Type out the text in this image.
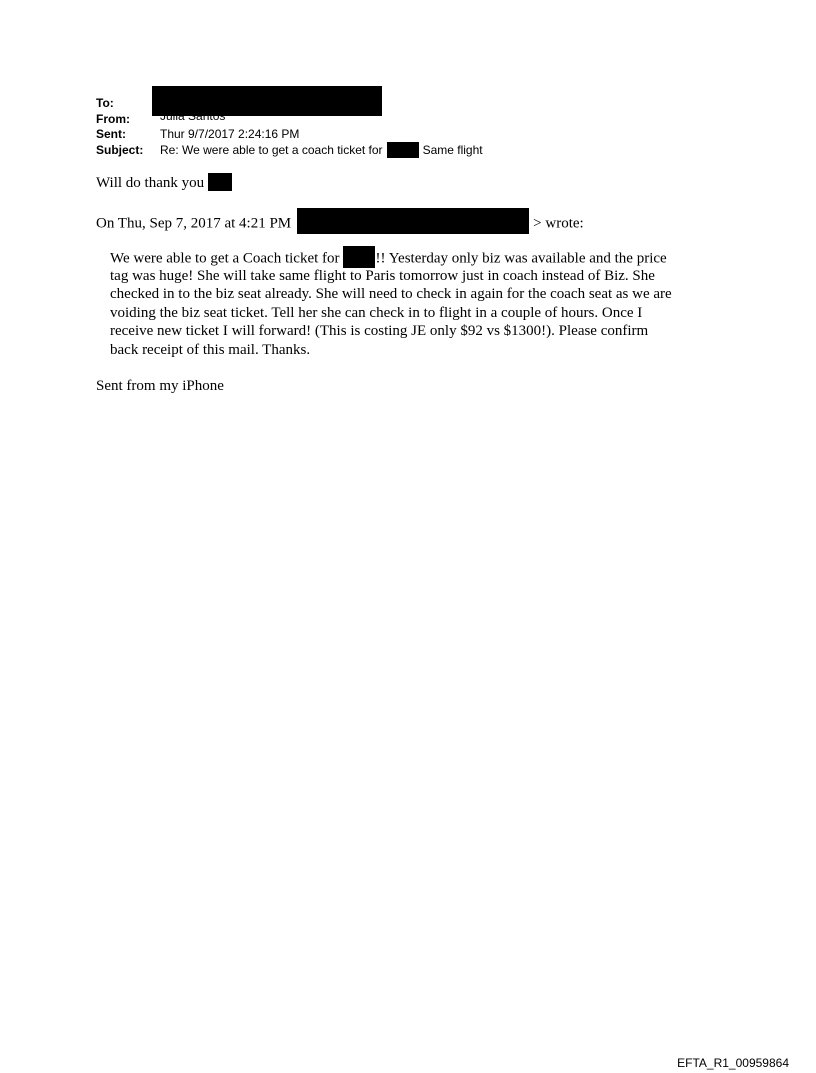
To:
From:	Julia Santos
Sent:	Thur 9/7/2017 2:24:16 PM
Subject: Re: We were able to get a coach ticket for	Same flight
Will do thank you
On Thu, Sep 7, 2017 at 4:21 PM	> wrote:
We were able to get a Coach ticket for !! Yesterday only biz was available and the price
tag was huge! She will take same flight to Paris tomorrow just in coach instead of Biz. She
checked in to the biz seat already. She will need to check in again for the coach seat as we are
voiding the biz seat ticket. Tell her she can check in to flight in a couple of hours. Once I
receive new ticket I will forward! (This is costing JE only $92 vs $1300!). Please confirm
back receipt of this mail. Thanks.
Sent from my iPhone
EFTA_R1_00959864
